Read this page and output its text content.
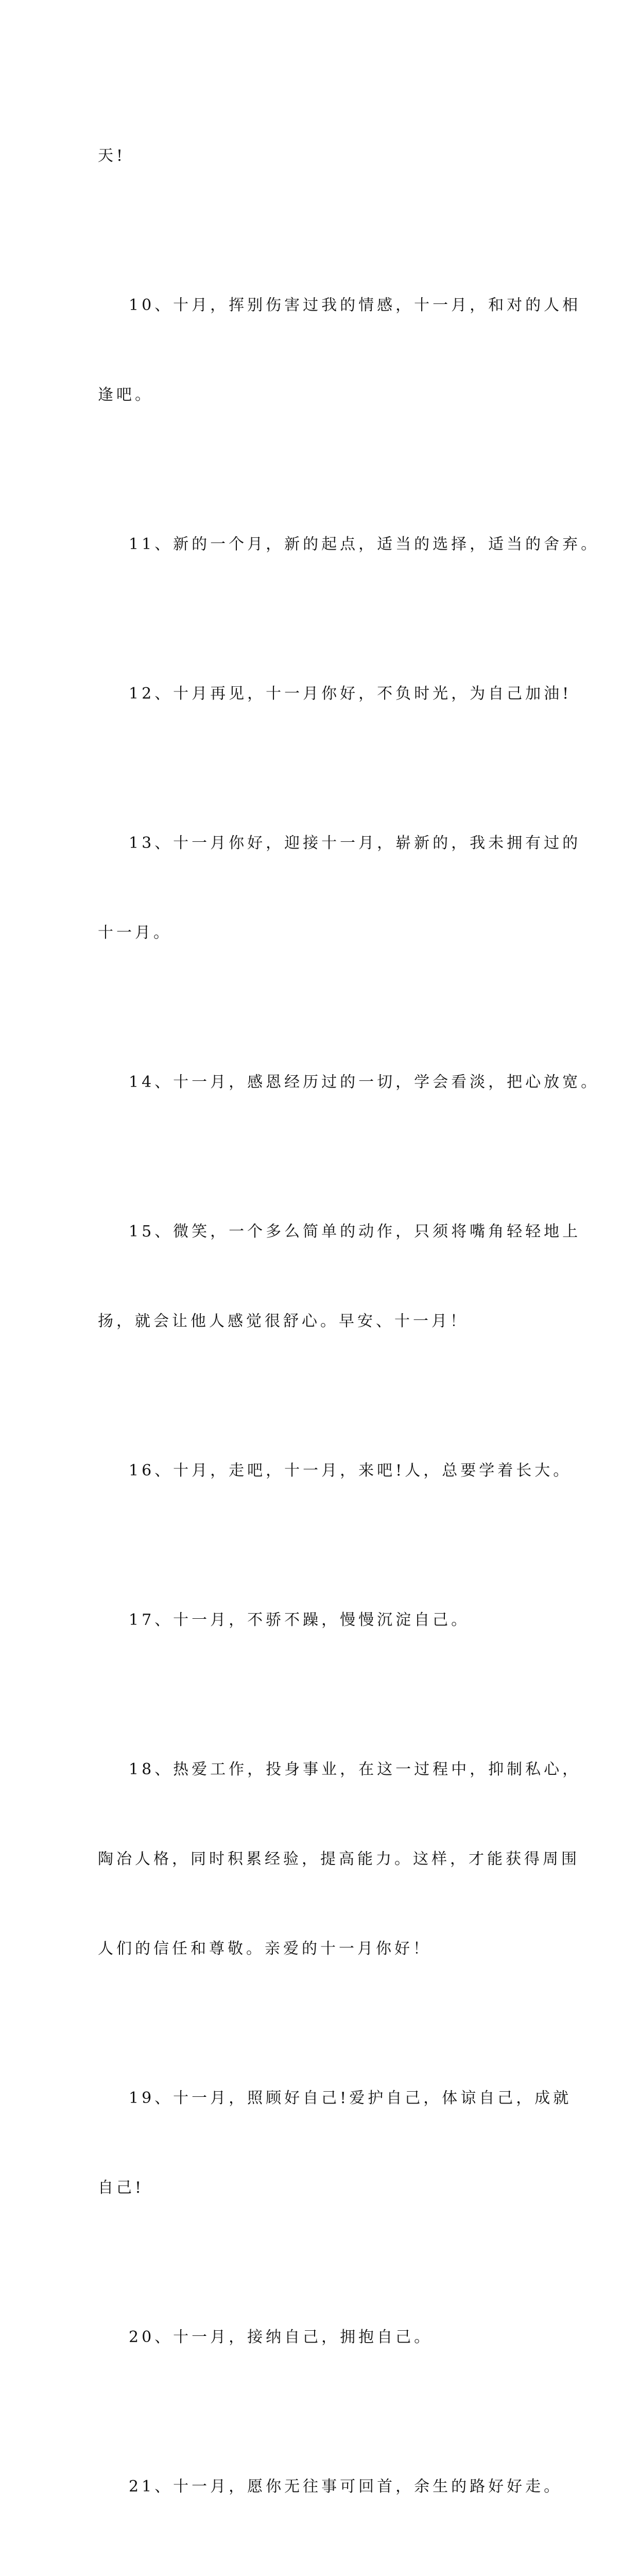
天!

10、十月，挥别伤害过我的情感，十一月，和对的人相

逢吧。

11、新的一个月，新的起点，适当的选择，适当的舍弃。

12、十月再见，十一月你好，不负时光，为自己加油!

13、十一月你好，迎接十一月，崭新的，我未拥有过的

十一月。

14、十一月，感恩经历过的一切，学会看淡，把心放宽。

15、微笑，一个多么简单的动作，只须将嘴角轻轻地上

扬，就会让他人感觉很舒心。早安、十一月！

16、十月，走吧，十一月，来吧!人，总要学着长大。

17、十一月，不骄不躁，慢慢沉淀自己。

18、热爱工作，投身事业，在这一过程中，抑制私心，

陶冶人格，同时积累经验，提高能力。这样，才能获得周围

人们的信任和尊敬。亲爱的十一月你好！

19、十一月，照顾好自己!爱护自己，体谅自己，成就

自己!

20、十一月，接纳自己，拥抱自己。

21、十一月，愿你无往事可回首，余生的路好好走。
